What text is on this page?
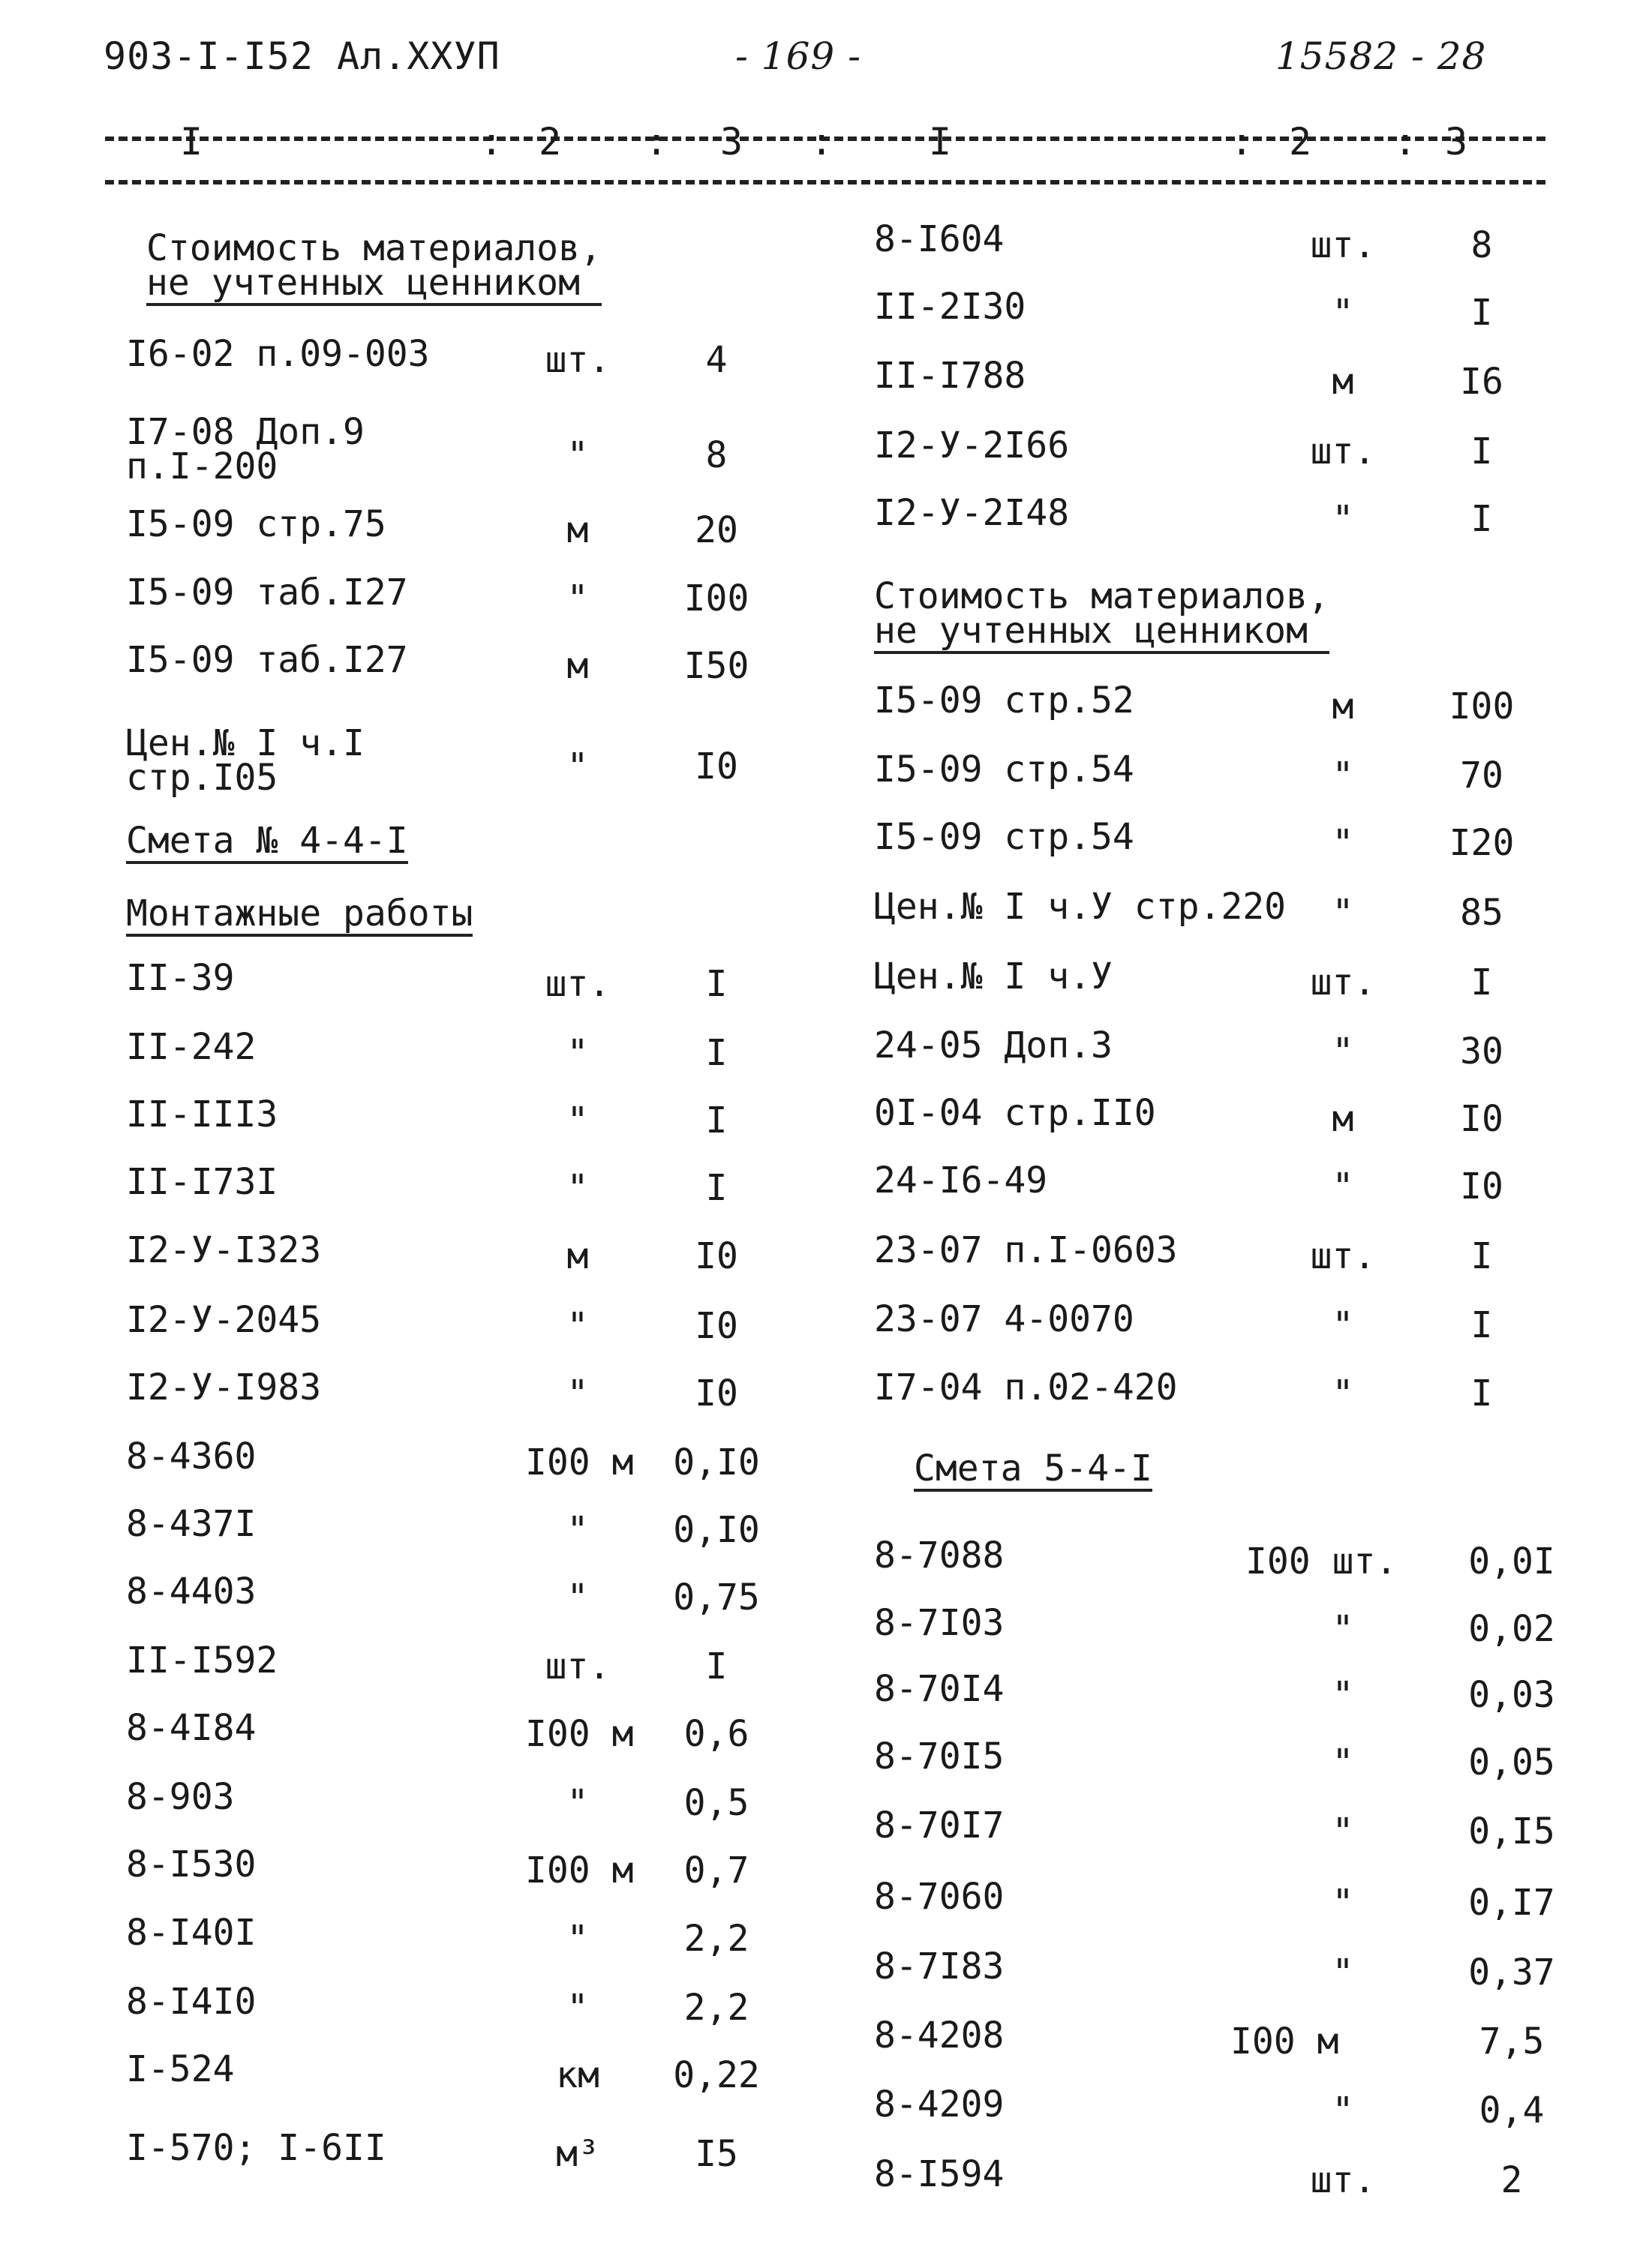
903-I-I52 Ал.XXУП	- 169 -	15582 - 28
I	2	3	I	2	3
:	:	:	:	:
Стоимость материалов,
не учтенных ценником
I6-02 п.09-003	шт.	4
I7-08 Доп.9
п.I-200	"	8
I5-09 стр.75	м	20
I5-09 таб.I27	"	I00
I5-09 таб.I27	м	I50
Цен.№ I ч.I
стр.I05	"	I0
Смета № 4-4-I
Монтажные работы
II-39	шт.	I
II-242	"	I
II-III3	"	I
II-I73I	"	I
I2-У-I323	м	I0
I2-У-2045	"	I0
I2-У-I983	"	I0
8-4360	I00 м	0,I0
8-437I	"	0,I0
8-4403	"	0,75
II-I592	шт.	I
8-4I84	I00 м	0,6
8-903	"	0,5
8-I530	I00 м	0,7
8-I40I	"	2,2
8-I4I0	"	2,2
I-524	км	0,22
I-570; I-6II	м³	I5
8-I604	шт.	8
II-2I30	"	I
II-I788	м	I6
I2-У-2I66	шт.	I
I2-У-2I48	"	I
Стоимость материалов,
не учтенных ценником
I5-09 стр.52	м	I00
I5-09 стр.54	"	70
I5-09 стр.54	"	I20
Цен.№ I ч.У стр.220	"	85
Цен.№ I ч.У	шт.	I
24-05 Доп.3	"	30
0I-04 стр.II0	м	I0
24-I6-49	"	I0
23-07 п.I-0603	шт.	I
23-07 4-0070	"	I
I7-04 п.02-420	"	I
Смета 5-4-I
8-7088	I00 шт.	0,0I
8-7I03	"	0,02
8-70I4	"	0,03
8-70I5	"	0,05
8-70I7	"	0,I5
8-7060	"	0,I7
8-7I83	"	0,37
8-4208	I00 м	7,5
8-4209	"	0,4
8-I594	шт.	2
